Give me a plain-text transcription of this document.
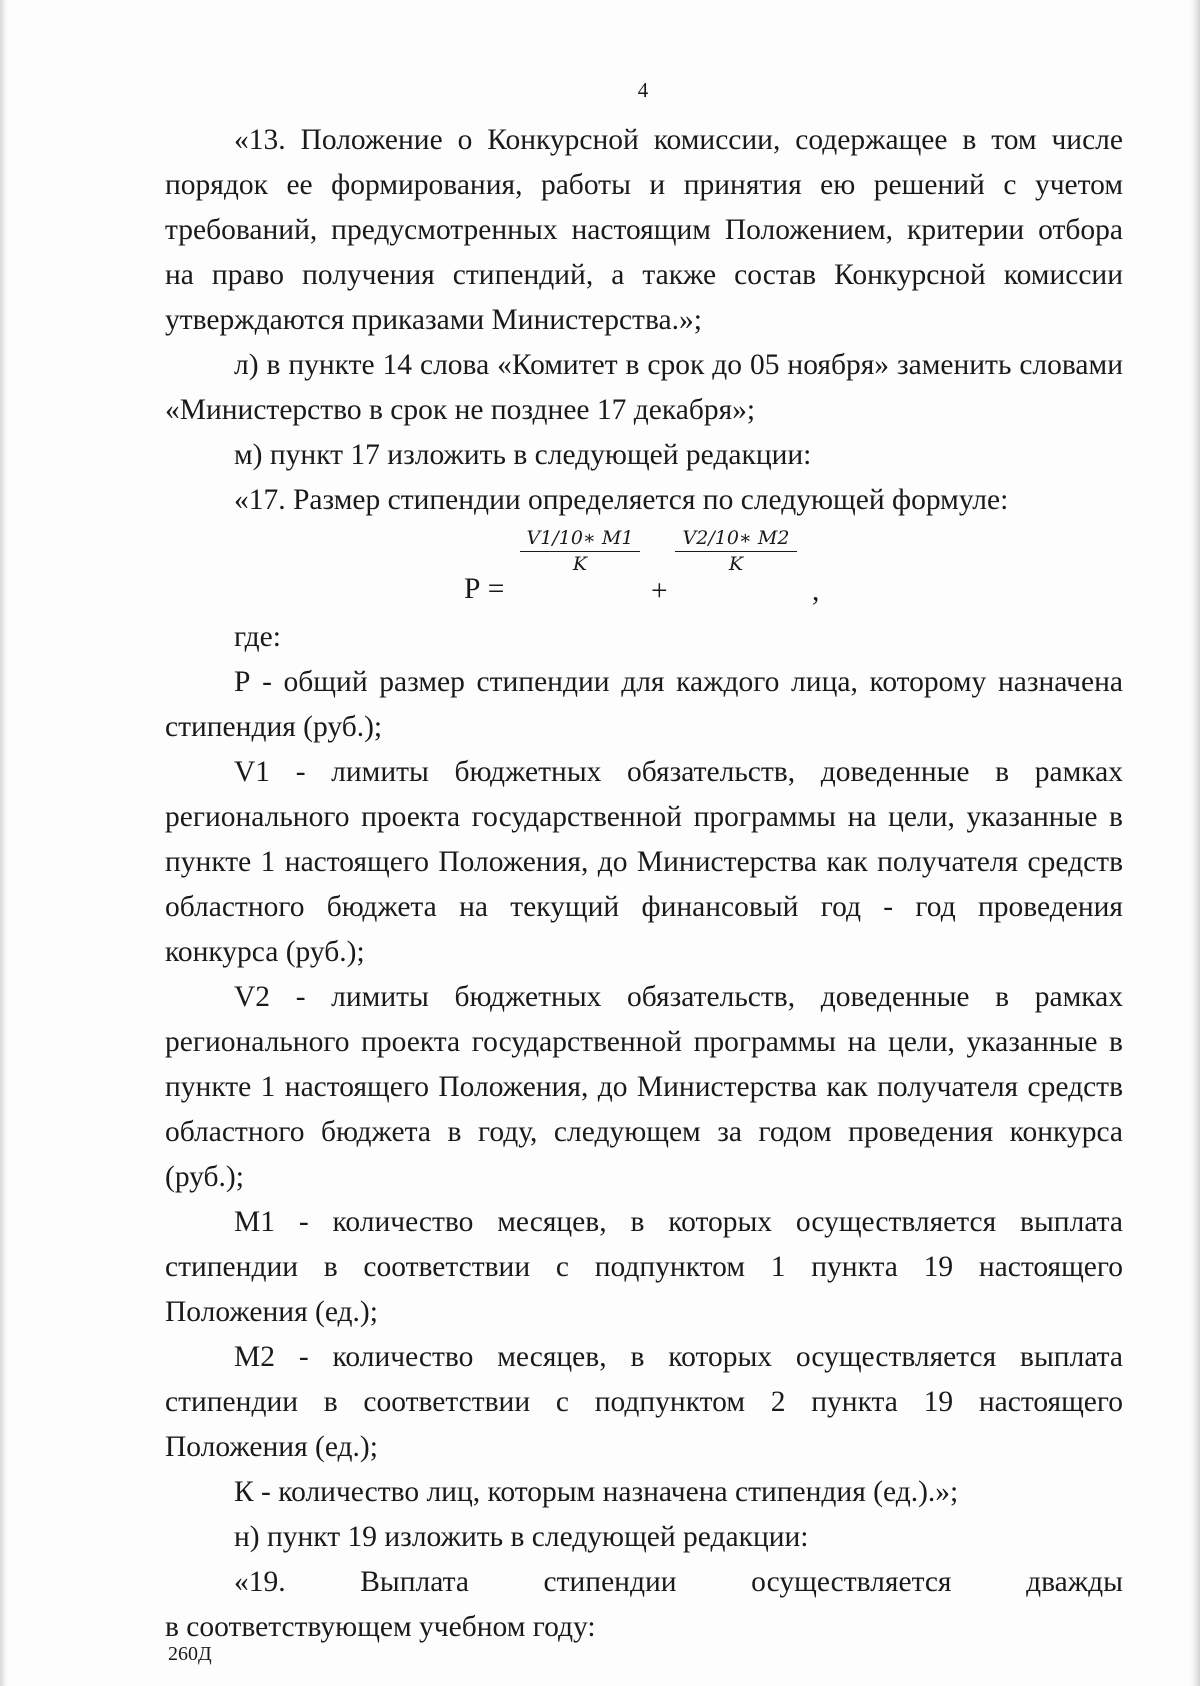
4

«13. Положение о Конкурсной комиссии, содержащее в том числе порядок ее формирования, работы и принятия ею решений с учетом требований, предусмотренных настоящим Положением, критерии отбора на право получения стипендий, а также состав Конкурсной комиссии утверждаются приказами Министерства.»;

л) в пункте 14 слова «Комитет в срок до 05 ноября» заменить словами «Министерство в срок не позднее 17 декабря»;

м) пункт 17 изложить в следующей редакции:

«17. Размер стипендии определяется по следующей формуле:

Р =
$\frac{V1/10∗ M1}{K}$
+
$\frac{V2/10∗ M2}{K}$
,

где:

Р - общий размер стипендии для каждого лица, которому назначена стипендия (руб.);

V1 - лимиты бюджетных обязательств, доведенные в рамках регионального проекта государственной программы на цели, указанные в пункте 1 настоящего Положения, до Министерства как получателя средств областного бюджета на текущий финансовый год - год проведения конкурса (руб.);

V2 - лимиты бюджетных обязательств, доведенные в рамках регионального проекта государственной программы на цели, указанные в пункте 1 настоящего Положения, до Министерства как получателя средств областного бюджета в году, следующем за годом проведения конкурса (руб.);

M1 - количество месяцев, в которых осуществляется выплата стипендии в соответствии с подпунктом 1 пункта 19 настоящего Положения (ед.);

M2 - количество месяцев, в которых осуществляется выплата стипендии в соответствии с подпунктом 2 пункта 19 настоящего Положения (ед.);

К - количество лиц, которым назначена стипендия (ед.).»;

н) пункт 19 изложить в следующей редакции:

«19.	Выплата	стипендии	осуществляется	дважды

в соответствующем учебном году:

260Д
